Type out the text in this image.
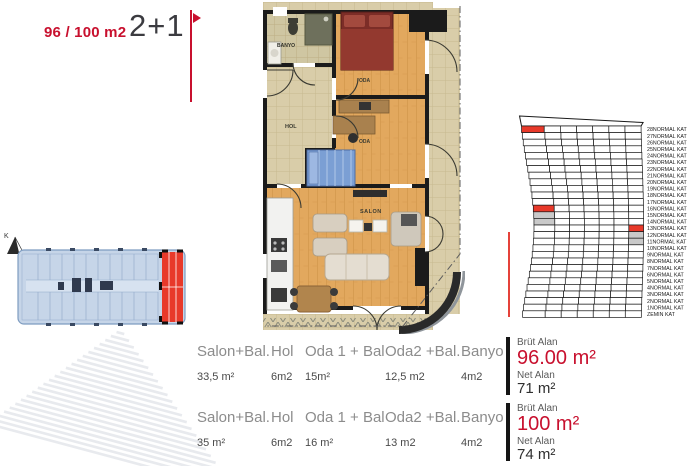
96 / 100 m2 2+1
BANYO
ODA
HOL
ODA
SALON
K
28NORMAL KAT
27NORMAL KAT
26NORMAL KAT
25NORMAL KAT
24NORMAL KAT
23NORMAL KAT
22NORMAL KAT
21NORMAL KAT
20NORMAL KAT
19NORMAL KAT
18NORMAL KAT
17NORMAL KAT
16NORMAL KAT
15NORMAL KAT
14NORMAL KAT
13NORMAL KAT
12NORMAL KAT
11NORMAL KAT
10NORMAL KAT
9NORMAL KAT
8NORMAL KAT
7NORMAL KAT
6NORMAL KAT
5NORMAL KAT
4NORMAL KAT
3NORMAL KAT
2NORMAL KAT
1NORMAL KAT
ZEMIN KAT
Salon+Bal.
33,5 m²
Hol
6m2
Oda 1 + Bal
15m²
Oda2 +Bal.
12,5 m2
Banyo
4m2
Brüt Alan
96.00 m²
Net Alan
71 m²
Salon+Bal.
35 m²
Hol
6m2
Oda 1 + Bal
16 m²
Oda2 +Bal.
13 m2
Banyo
4m2
Brüt Alan
100 m²
Net Alan
74 m²
